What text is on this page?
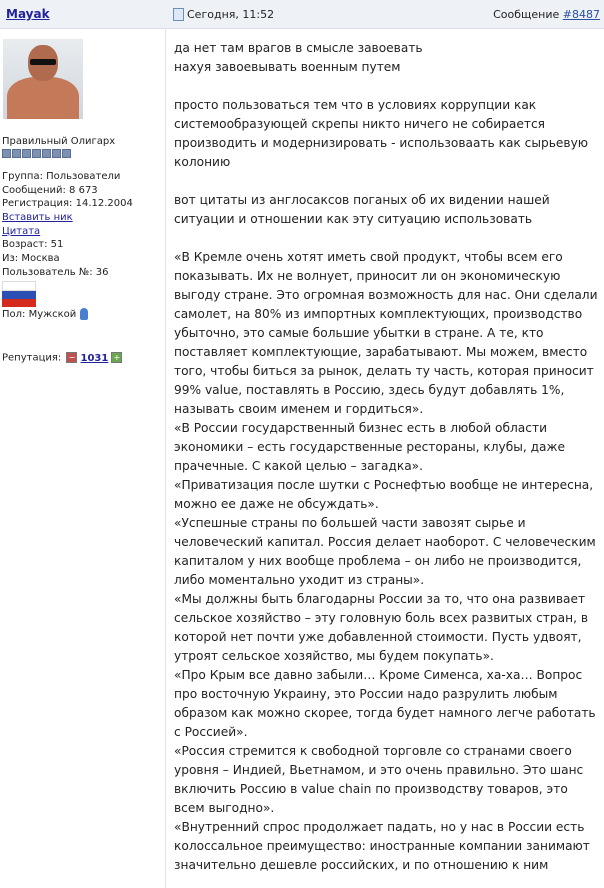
Mayak	Сегодня, 11:52	Сообщение #8487
Правильный Олигарх
Группа: Пользователи
Сообщений: 8 673
Регистрация: 14.12.2004
Вставить ник
Цитата
Возраст: 51
Из: Москва
Пользователь №: 36
Пол: Мужской
Репутация: − 1031 +

да нет там врагов в смысле завоевать

нахуя завоевывать военным путем

просто пользоваться тем что в условиях коррупции как системообразующей скрепы никто ничего не собирается производить и модернизировать - использоваать как сырьевую колонию

вот цитаты из англосаксов поганых об их видении нашей ситуации и отношении как эту ситуацию использовать

«В Кремле очень хотят иметь свой продукт, чтобы всем его показывать. Их не волнует, приносит ли он экономическую выгоду стране. Это огромная возможность для нас. Они сделали самолет, на 80% из импортных комплектующих, производство убыточно, это самые большие убытки в стране. А те, кто поставляет комплектующие, зарабатывают. Мы можем, вместо того, чтобы биться за рынок, делать ту часть, которая приносит 99% value, поставлять в Россию, здесь будут добавлять 1%, называть своим именем и гордиться».

«В России государственный бизнес есть в любой области экономики – есть государственные рестораны, клубы, даже прачечные. С какой целью – загадка».

«Приватизация после шутки с Роснефтью вообще не интересна, можно ее даже не обсуждать».

«Успешные страны по большей части завозят сырье и человеческий капитал. Россия делает наоборот. С человеческим капиталом у них вообще проблема – он либо не производится, либо моментально уходит из страны».

«Мы должны быть благодарны России за то, что она развивает сельское хозяйство – эту головную боль всех развитых стран, в которой нет почти уже добавленной стоимости. Пусть удвоят, утроят сельское хозяйство, мы будем покупать».

«Про Крым все давно забыли… Кроме Сименса, ха-ха… Вопрос про восточную Украину, это России надо разрулить любым образом как можно скорее, тогда будет намного легче работать с Россией».

«Россия стремится к свободной торговле со странами своего уровня – Индией, Вьетнамом, и это очень правильно. Это шанс включить Россию в value chain по производству товаров, это всем выгодно».

«Внутренний спрос продолжает падать, но у нас в России есть колоссальное преимущество: иностранные компании занимают значительно дешевле российских, и по отношению к ним
